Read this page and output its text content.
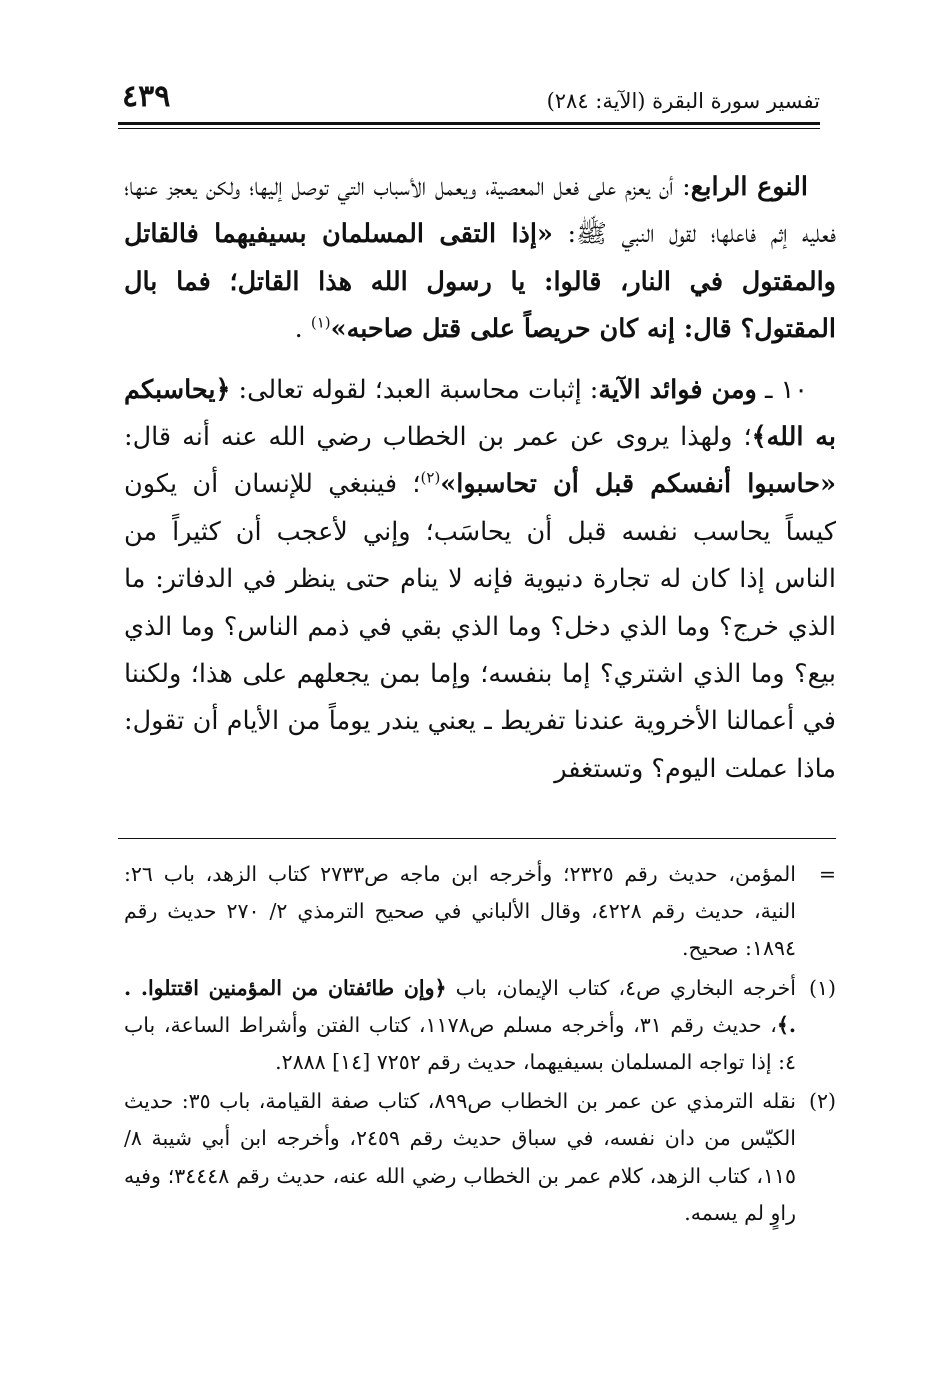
تفسير سورة البقرة (الآية: ٢٨٤)
٤٣٩

النوع الرابع: أن يعزم على فعل المعصية، ويعمل الأسباب التي توصل إليها؛ ولكن يعجز عنها؛ فعليه إثم فاعلها؛ لقول النبي ﷺ: «إذا التقى المسلمان بسيفيهما فالقاتل والمقتول في النار، قالوا: يا رسول الله هذا القاتل؛ فما بال المقتول؟ قال: إنه كان حريصاً على قتل صاحبه»$^{(١)}$ .

١٠ ـ ومن فوائد الآية: إثبات محاسبة العبد؛ لقوله تعالى: ﴿يحاسبكم به الله﴾؛ ولهذا يروى عن عمر بن الخطاب رضي الله عنه أنه قال: «حاسبوا أنفسكم قبل أن تحاسبوا»$^{(٢)}$؛ فينبغي للإنسان أن يكون كيساً يحاسب نفسه قبل أن يحاسَب؛ وإني لأعجب أن كثيراً من الناس إذا كان له تجارة دنيوية فإنه لا ينام حتى ينظر في الدفاتر: ما الذي خرج؟ وما الذي دخل؟ وما الذي بقي في ذمم الناس؟ وما الذي بيع؟ وما الذي اشتري؟ إما بنفسه؛ وإما بمن يجعلهم على هذا؛ ولكننا في أعمالنا الأخروية عندنا تفريط ـ يعني يندر يوماً من الأيام أن تقول: ماذا عملت اليوم؟ وتستغفر

=
المؤمن، حديث رقم ٢٣٢٥؛ وأخرجه ابن ماجه ص٢٧٣٣ كتاب الزهد، باب ٢٦: النية، حديث رقم ٤٢٢٨، وقال الألباني في صحيح الترمذي ٢/ ٢٧٠ حديث رقم ١٨٩٤: صحيح.
(١)
أخرجه البخاري ص٤، كتاب الإيمان، باب ﴿وإن طائفتان من المؤمنين اقتتلوا. . .﴾، حديث رقم ٣١، وأخرجه مسلم ص١١٧٨، كتاب الفتن وأشراط الساعة، باب ٤: إذا تواجه المسلمان بسيفيهما، حديث رقم ٧٢٥٢ [١٤] ٢٨٨٨.
(٢)
نقله الترمذي عن عمر بن الخطاب ص٨٩٩، كتاب صفة القيامة، باب ٣٥: حديث الكيّس من دان نفسه، في سباق حديث رقم ٢٤٥٩، وأخرجه ابن أبي شيبة ٨/ ١١٥، كتاب الزهد، كلام عمر بن الخطاب رضي الله عنه، حديث رقم ٣٤٤٤٨؛ وفيه راوٍ لم يسمه.
